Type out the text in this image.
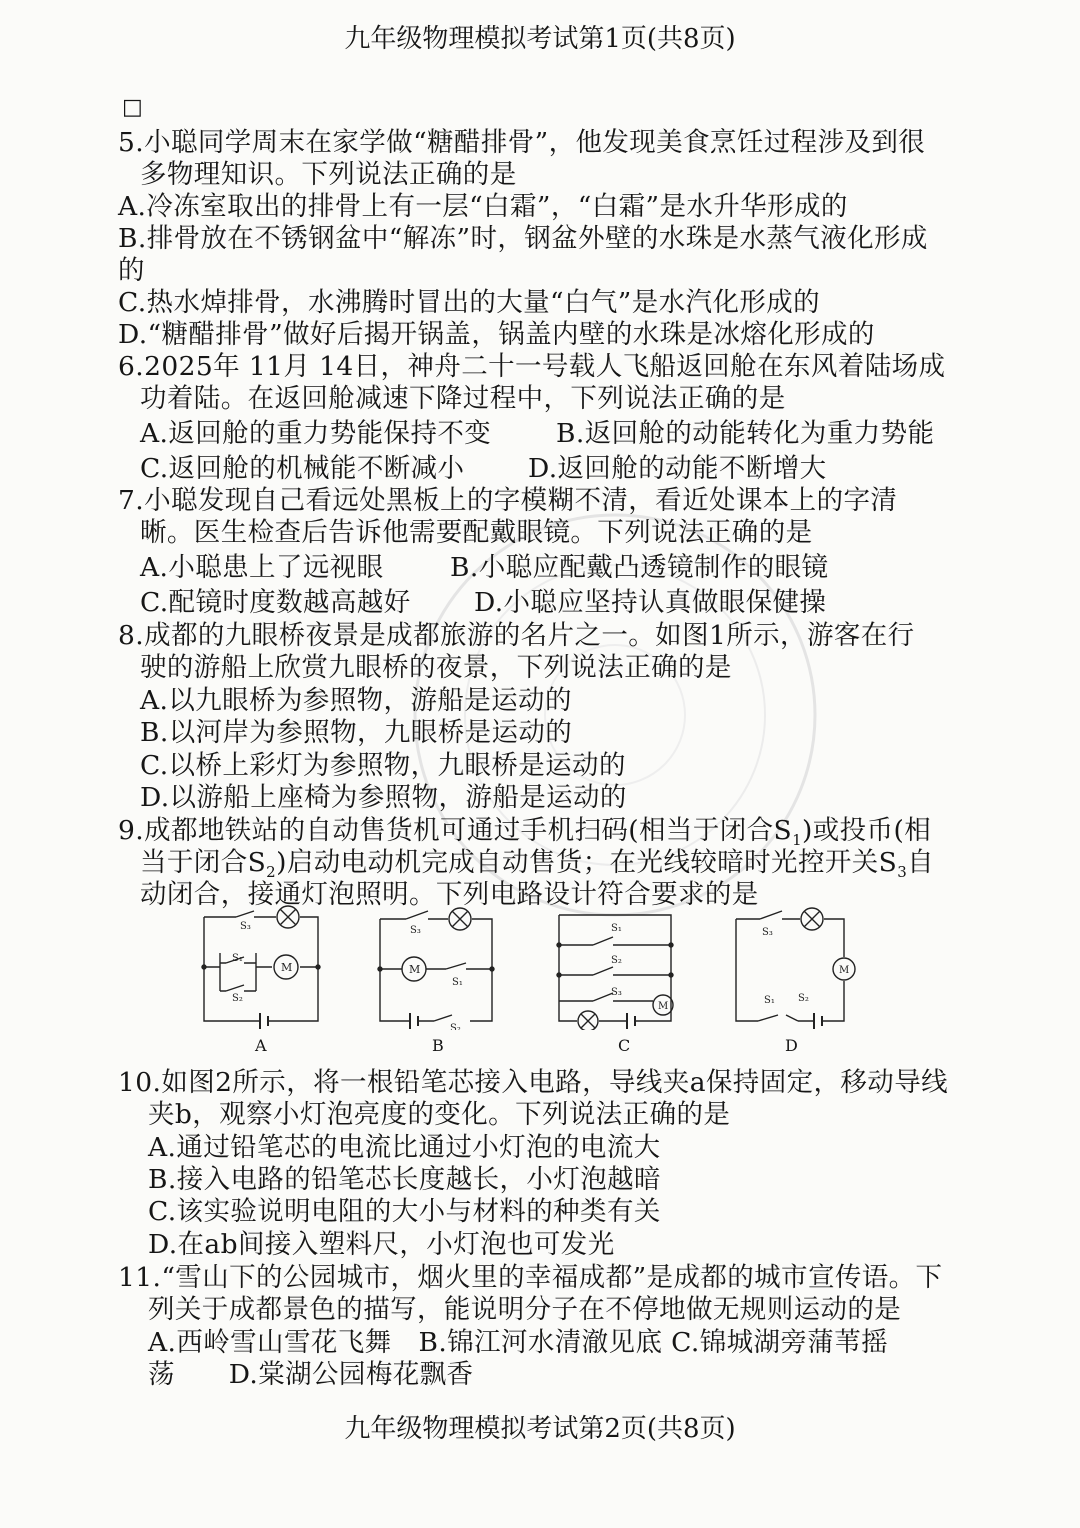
九年级物理模拟考试第1页(共8页)
□
5.小聪同学周末在家学做“糖醋排骨”，他发现美食烹饪过程涉及到很
多物理知识。下列说法正确的是
A.冷冻室取出的排骨上有一层“白霜”，“白霜”是水升华形成的
B.排骨放在不锈钢盆中“解冻”时，钢盆外壁的水珠是水蒸气液化形成
的
C.热水焯排骨，水沸腾时冒出的大量“白气”是水汽化形成的
D.“糖醋排骨”做好后揭开锅盖，锅盖内壁的水珠是冰熔化形成的
6.2025年 11月 14日，神舟二十一号载人飞船返回舱在东风着陆场成
功着陆。在返回舱减速下降过程中，下列说法正确的是
A.返回舱的重力势能保持不变 B.返回舱的动能转化为重力势能
C.返回舱的机械能不断减小 D.返回舱的动能不断增大
7.小聪发现自己看远处黑板上的字模糊不清，看近处课本上的字清
晰。医生检查后告诉他需要配戴眼镜。下列说法正确的是
A.小聪患上了远视眼	B.小聪应配戴凸透镜制作的眼镜
C.配镜时度数越高越好 D.小聪应坚持认真做眼保健操
8.成都的九眼桥夜景是成都旅游的名片之一。如图1所示，游客在行
驶的游船上欣赏九眼桥的夜景，下列说法正确的是
A.以九眼桥为参照物，游船是运动的
B.以河岸为参照物，九眼桥是运动的
C.以桥上彩灯为参照物，九眼桥是运动的
D.以游船上座椅为参照物，游船是运动的
9.成都地铁站的自动售货机可通过手机扫码(相当于闭合$S_1$)或投币(相
当于闭合$S_2$)启动电动机完成自动售货；在光线较暗时光控开关$S_3$自
动闭合，接通灯泡照明。下列电路设计符合要求的是
S₃
S₁
S₂
M
A
S₃
M
S₁
S₂
B
S₁
S₂
S₃
M
C
S₃
M
S₁ S₂
D
10.如图2所示，将一根铅笔芯接入电路，导线夹a保持固定，移动导线
夹b，观察小灯泡亮度的变化。下列说法正确的是
A.通过铅笔芯的电流比通过小灯泡的电流大
B.接入电路的铅笔芯长度越长，小灯泡越暗
C.该实验说明电阻的大小与材料的种类有关
D.在ab间接入塑料尺，小灯泡也可发光
11.“雪山下的公园城市，烟火里的幸福成都”是成都的城市宣传语。下
列关于成都景色的描写，能说明分子在不停地做无规则运动的是
A.西岭雪山雪花飞舞　B.锦江河水清澈见底 C.锦城湖旁蒲苇摇
荡　　D.棠湖公园梅花飘香
九年级物理模拟考试第2页(共8页)
